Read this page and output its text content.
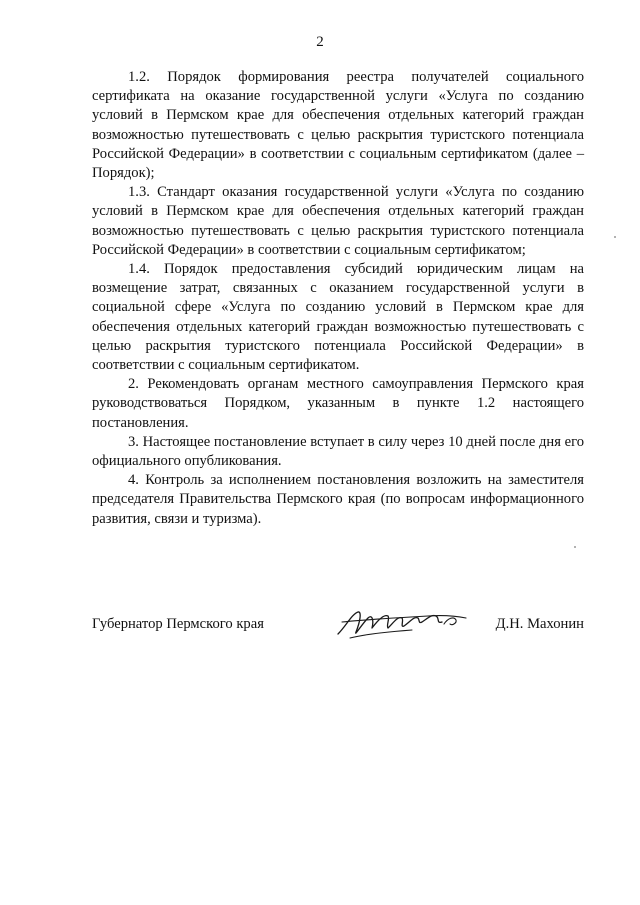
2

1.2. Порядок формирования реестра получателей социального сертификата на оказание государственной услуги «Услуга по созданию условий в Пермском крае для обеспечения отдельных категорий граждан возможностью путешествовать с целью раскрытия туристского потенциала Российской Федерации» в соответствии с социальным сертификатом (далее – Порядок);

1.3. Стандарт оказания государственной услуги «Услуга по созданию условий в Пермском крае для обеспечения отдельных категорий граждан возможностью путешествовать с целью раскрытия туристского потенциала Российской Федерации» в соответствии с социальным сертификатом;

1.4. Порядок предоставления субсидий юридическим лицам на возмещение затрат, связанных с оказанием государственной услуги в социальной сфере «Услуга по созданию условий в Пермском крае для обеспечения отдельных категорий граждан возможностью путешествовать с целью раскрытия туристского потенциала Российской Федерации» в соответствии с социальным сертификатом.

2. Рекомендовать органам местного самоуправления Пермского края руководствоваться Порядком, указанным в пункте 1.2 настоящего постановления.

3. Настоящее постановление вступает в силу через 10 дней после дня его официального опубликования.

4. Контроль за исполнением постановления возложить на заместителя председателя Правительства Пермского края (по вопросам информационного развития, связи и туризма).

Губернатор Пермского края	Д.Н. Махонин
